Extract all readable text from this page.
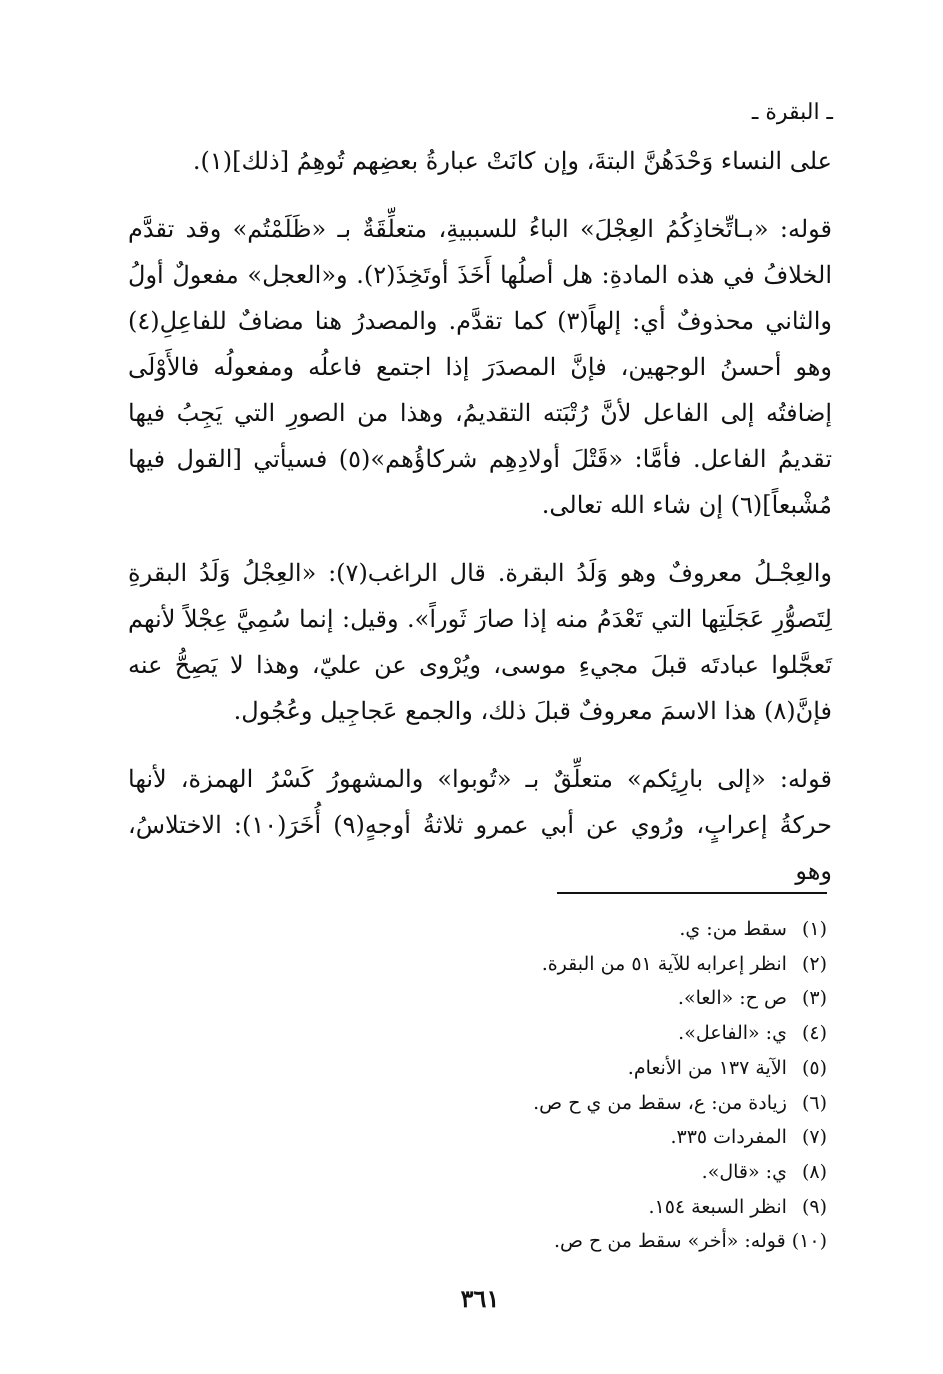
ـ البقرة ـ

على النساء وَحْدَهُنَّ البتةَ، وإن كانَتْ عبارةُ بعضِهم تُوهِمُ [ذلك](١).

قوله: «بـاتِّخاذِكُمُ العِجْلَ» الباءُ للسببيةِ، متعلِّقَةٌ بـ «ظَلَمْتُم» وقد تقدَّم الخلافُ في هذه المادةِ: هل أصلُها أَخَذَ أوتَخِذَ(٢). و«العجل» مفعولٌ أولُ والثاني محذوفٌ أي: إلهاً(٣) كما تقدَّم. والمصدرُ هنا مضافٌ للفاعِلِ(٤) وهو أحسنُ الوجهين، فإنَّ المصدَرَ إذا اجتمع فاعلُه ومفعولُه فالأَوْلَى إضافتُه إلى الفاعل لأنَّ رُتْبَته التقديمُ، وهذا من الصورِ التي يَجِبُ فيها تقديمُ الفاعل. فأمَّا: «قَتْلَ أولادِهِم شركاؤُهم»(٥) فسيأتي [القول فيها مُشْبعاً](٦) إن شاء الله تعالى.

والعِجْـلُ معروفٌ وهو وَلَدُ البقرة. قال الراغب(٧): «العِجْلُ وَلَدُ البقرةِ لِتَصوُّرِ عَجَلَتِها التي تَعْدَمُ منه إذا صارَ ثَوراً». وقيل: إنما سُمِيَّ عِجْلاً لأنهم تَعجَّلوا عبادتَه قبلَ مجيءِ موسى، ويُرْوى عن عليّ، وهذا لا يَصِحُّ عنه فإنَّ(٨) هذا الاسمَ معروفٌ قبلَ ذلك، والجمع عَجاجِيل وعُجُول.

قوله: «إلى بارِئِكم» متعلِّقٌ بـ «تُوبوا» والمشهورُ كَسْرُ الهمزة، لأنها حركةُ إعرابٍ، ورُوي عن أبي عمرو ثلاثةُ أوجهٍ(٩) أُخَرَ(١٠): الاختلاسُ، وهو

(١) سقط من: ي.
(٢) انظر إعرابه للآية ٥١ من البقرة.
(٣) ص ح: «العا».
(٤) ي: «الفاعل».
(٥) الآية ١٣٧ من الأنعام.
(٦) زيادة من: ع، سقط من ي ح ص.
(٧) المفردات ٣٣٥.
(٨) ي: «قال».
(٩) انظر السبعة ١٥٤.
(١٠) قوله: «أخر» سقط من ح ص.
٣٦١
